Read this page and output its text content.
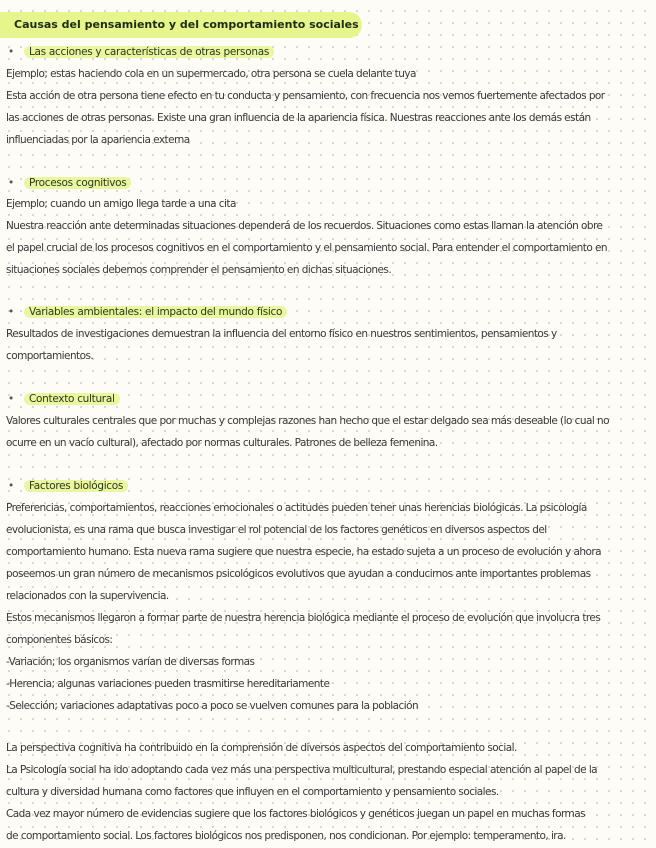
Causas del pensamiento y del comportamiento sociales
• Las acciones y características de otras personas
Ejemplo; estas haciendo cola en un supermercado, otra persona se cuela delante tuya
Esta acción de otra persona tiene efecto en tu conducta y pensamiento, con frecuencia nos vemos fuertemente afectados por
las acciones de otras personas. Existe una gran influencia de la apariencia física. Nuestras reacciones ante los demás están
influenciadas por la apariencia externa
• Procesos cognitivos
Ejemplo; cuando un amigo llega tarde a una cita
Nuestra reacción ante determinadas situaciones dependerá de los recuerdos. Situaciones como estas llaman la atención obre
el papel crucial de los procesos cognitivos en el comportamiento y el pensamiento social. Para entender el comportamiento en
situaciones sociales debemos comprender el pensamiento en dichas situaciones.
• Variables ambientales: el impacto del mundo físico
Resultados de investigaciones demuestran la influencia del entorno físico en nuestros sentimientos, pensamientos y
comportamientos.
• Contexto cultural
Valores culturales centrales que por muchas y complejas razones han hecho que el estar delgado sea más deseable (lo cual no
ocurre en un vacío cultural), afectado por normas culturales. Patrones de belleza femenina.
• Factores biológicos
Preferencias, comportamientos, reacciones emocionales o actitudes pueden tener unas herencias biológicas. La psicología
evolucionista, es una rama que busca investigar el rol potencial de los factores genéticos en diversos aspectos del
comportamiento humano. Esta nueva rama sugiere que nuestra especie, ha estado sujeta a un proceso de evolución y ahora
poseemos un gran número de mecanismos psicológicos evolutivos que ayudan a conducirnos ante importantes problemas
relacionados con la supervivencia.
Estos mecanismos llegaron a formar parte de nuestra herencia biológica mediante el proceso de evolución que involucra tres
componentes básicos:
-Variación; los organismos varían de diversas formas
-Herencia; algunas variaciones pueden trasmitirse hereditariamente
-Selección; variaciones adaptativas poco a poco se vuelven comunes para la población
La perspectiva cognitiva ha contribuido en la comprensión de diversos aspectos del comportamiento social.
La Psicología social ha ido adoptando cada vez más una perspectiva multicultural, prestando especial atención al papel de la
cultura y diversidad humana como factores que influyen en el comportamiento y pensamiento sociales.
Cada vez mayor número de evidencias sugiere que los factores biológicos y genéticos juegan un papel en muchas formas
de comportamiento social. Los factores biológicos nos predisponen, nos condicionan. Por ejemplo: temperamento, ira.
